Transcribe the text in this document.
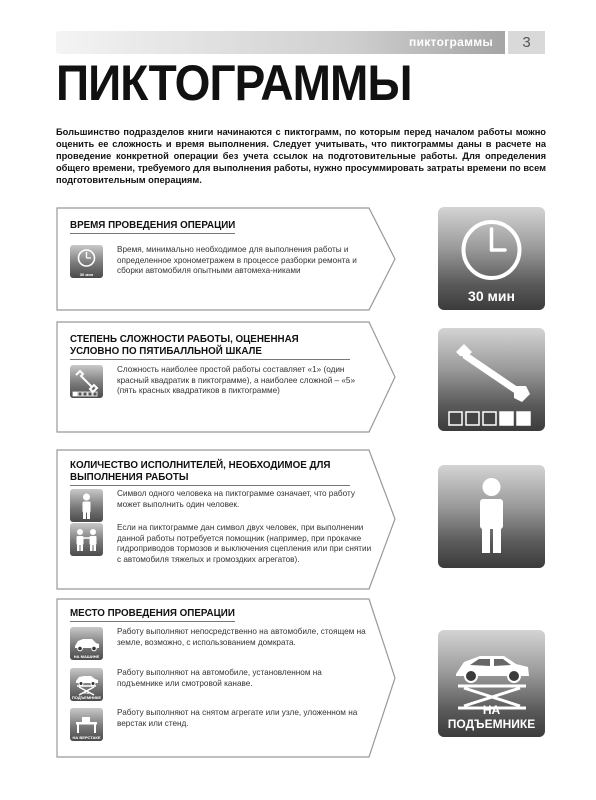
пиктограммы	3
ПИКТОГРАММЫ

Большинство подразделов книги начинаются с пиктограмм, по которым перед началом работы можно оценить ее сложность и время выполнения. Следует учитывать, что пиктограммы даны в расчете на проведение конкретной операции без учета ссылок на подготовительные работы. Для определения общего времени, требуемого для выполнения работы, нужно просуммировать затраты времени по всем подготовительным операциям.

ВРЕМЯ ПРОВЕДЕНИЯ ОПЕРАЦИИ
30 мин
Время, минимально необходимое для выполнения работы и определенное хронометражем в процессе разборки ремонта и сборки автомобиля опытными автомеха-никами
СТЕПЕНЬ СЛОЖНОСТИ РАБОТЫ, ОЦЕНЕННАЯ УСЛОВНО ПО ПЯТИБАЛЛЬНОЙ ШКАЛЕ
Сложность наиболее простой работы составляет «1» (один красный квадратик в пиктограмме), а наиболее сложной – «5» (пять красных квадратиков в пиктограмме)
КОЛИЧЕСТВО ИСПОЛНИТЕЛЕЙ, НЕОБХОДИМОЕ ДЛЯ ВЫПОЛНЕНИЯ РАБОТЫ
Символ одного человека на пиктограмме означает, что работу может выполнить один человек.
Если на пиктограмме дан символ двух человек, при выполнении данной работы потребуется помощник (например, при прокачке гидроприводов тормозов и выключения сцепления или при снятии с автомобиля тяжелых и громоздких агрегатов).
МЕСТО ПРОВЕДЕНИЯ ОПЕРАЦИИ
НА МАШИНЕ
Работу выполняют непосредственно на автомобиле, стоящем на земле, возможно, с использованием домкрата.
НА ПОДЪЕМНИКЕ
Работу выполняют на автомобиле, установленном на подъемнике или смотровой канаве.
НА ВЕРСТАКЕ
Работу выполняют на снятом агрегате или узле, уложенном на верстак или стенд.
30 мин
НА ПОДЪЕМНИКЕ
